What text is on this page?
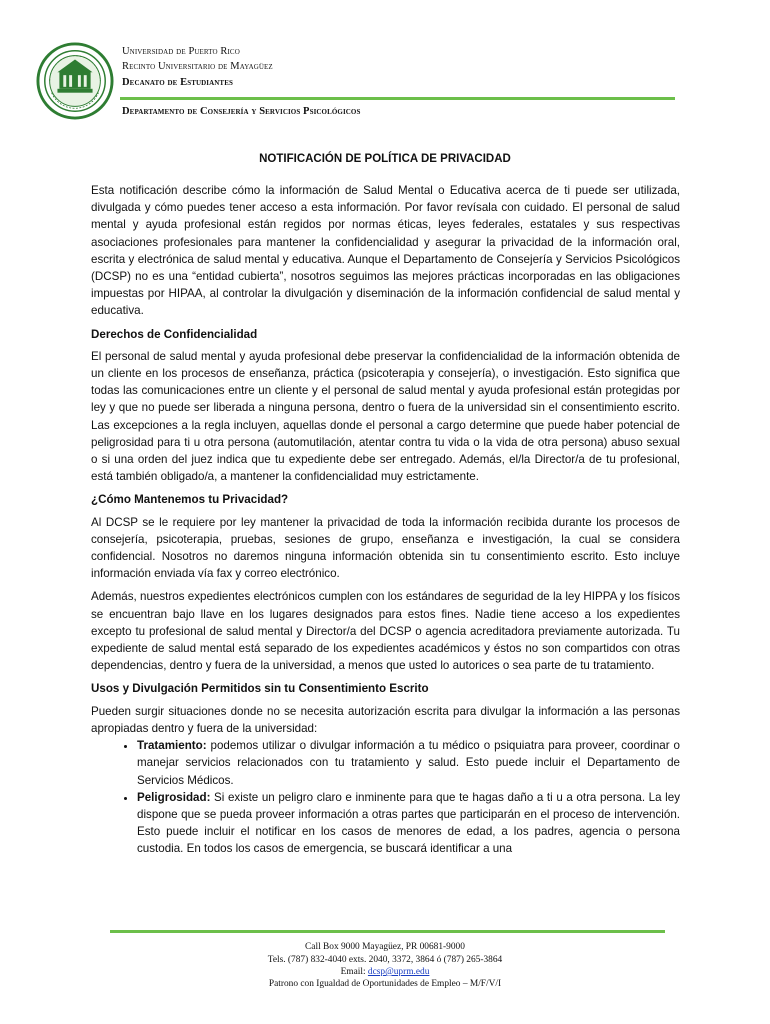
Universidad de Puerto Rico
Recinto Universitario de Mayagüez
Decanato de Estudiantes
Departamento de Consejería y Servicios Psicológicos
NOTIFICACIÓN DE POLÍTICA DE PRIVACIDAD

Esta notificación describe cómo la información de Salud Mental o Educativa acerca de ti puede ser utilizada, divulgada y cómo puedes tener acceso a esta información. Por favor revísala con cuidado. El personal de salud mental y ayuda profesional están regidos por normas éticas, leyes federales, estatales y sus respectivas asociaciones profesionales para mantener la confidencialidad y asegurar la privacidad de la información oral, escrita y electrónica de salud mental y educativa. Aunque el Departamento de Consejería y Servicios Psicológicos (DCSP) no es una “entidad cubierta”, nosotros seguimos las mejores prácticas incorporadas en las obligaciones impuestas por HIPAA, al controlar la divulgación y diseminación de la información confidencial de salud mental y educativa.

Derechos de Confidencialidad

El personal de salud mental y ayuda profesional debe preservar la confidencialidad de la información obtenida de un cliente en los procesos de enseñanza, práctica (psicoterapia y consejería), o investigación. Esto significa que todas las comunicaciones entre un cliente y el personal de salud mental y ayuda profesional están protegidas por ley y que no puede ser liberada a ninguna persona, dentro o fuera de la universidad sin el consentimiento escrito. Las excepciones a la regla incluyen, aquellas donde el personal a cargo determine que puede haber potencial de peligrosidad para ti u otra persona (automutilación, atentar contra tu vida o la vida de otra persona) abuso sexual o si una orden del juez indica que tu expediente debe ser entregado. Además, el/la Director/a de tu profesional, está también obligado/a, a mantener la confidencialidad muy estrictamente.

¿Cómo Mantenemos tu Privacidad?

Al DCSP se le requiere por ley mantener la privacidad de toda la información recibida durante los procesos de consejería, psicoterapia, pruebas, sesiones de grupo, enseñanza e investigación, la cual se considera confidencial. Nosotros no daremos ninguna información obtenida sin tu consentimiento escrito. Esto incluye información enviada vía fax y correo electrónico.

Además, nuestros expedientes electrónicos cumplen con los estándares de seguridad de la ley HIPPA y los físicos se encuentran bajo llave en los lugares designados para estos fines. Nadie tiene acceso a los expedientes excepto tu profesional de salud mental y Director/a del DCSP o agencia acreditadora previamente autorizada. Tu expediente de salud mental está separado de los expedientes académicos y éstos no son compartidos con otras dependencias, dentro y fuera de la universidad, a menos que usted lo autorices o sea parte de tu tratamiento.

Usos y Divulgación Permitidos sin tu Consentimiento Escrito

Pueden surgir situaciones donde no se necesita autorización escrita para divulgar la información a las personas apropiadas dentro y fuera de la universidad:

• Tratamiento: podemos utilizar o divulgar información a tu médico o psiquiatra para proveer, coordinar o manejar servicios relacionados con tu tratamiento y salud. Esto puede incluir el Departamento de Servicios Médicos.
• Peligrosidad: Si existe un peligro claro e inminente para que te hagas daño a ti u a otra persona. La ley dispone que se pueda proveer información a otras partes que participarán en el proceso de intervención. Esto puede incluir el notificar en los casos de menores de edad, a los padres, agencia o persona custodia. En todos los casos de emergencia, se buscará identificar a una
Call Box 9000 Mayagüez, PR 00681-9000
Tels. (787) 832-4040 exts. 2040, 3372, 3864 ó (787) 265-3864
Email: dcsp@uprm.edu
Patrono con Igualdad de Oportunidades de Empleo – M/F/V/I
